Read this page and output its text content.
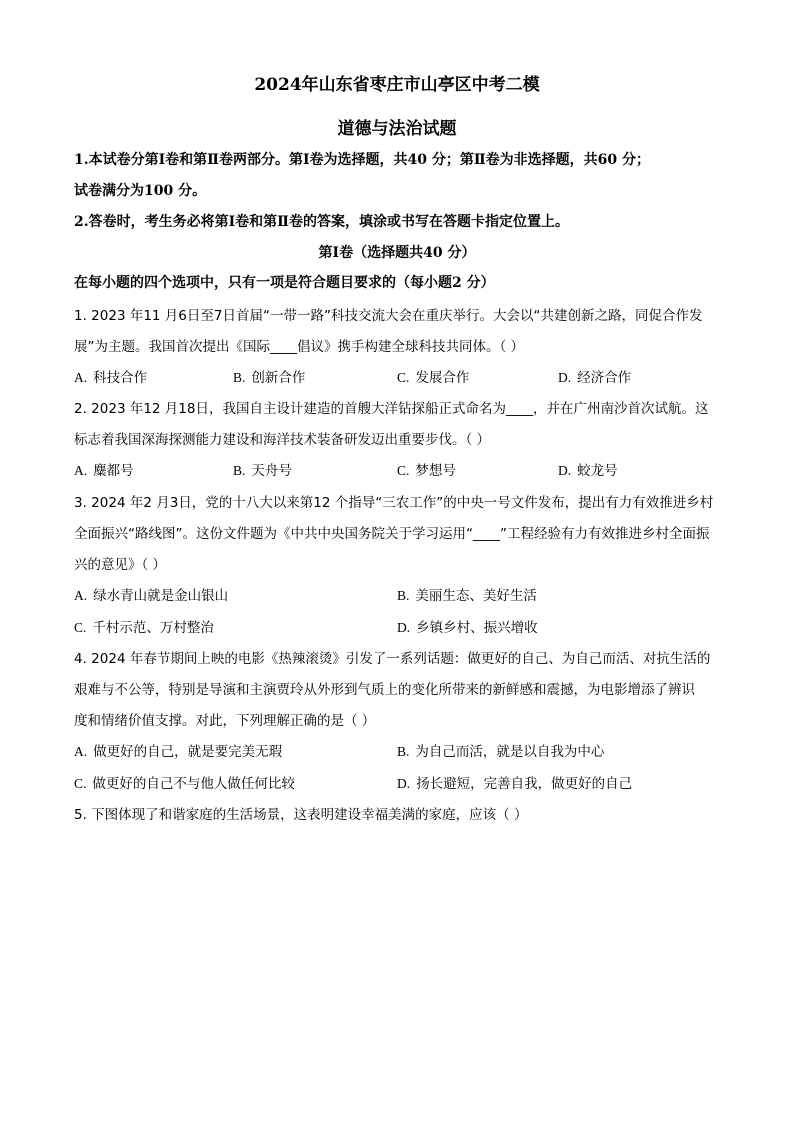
2024年山东省枣庄市山亭区中考二模
道德与法治试题
1.本试卷分第Ⅰ卷和第Ⅱ卷两部分。第Ⅰ卷为选择题，共40 分；第Ⅱ卷为非选择题，共60 分；
试卷满分为100 分。
2.答卷时，考生务必将第Ⅰ卷和第Ⅱ卷的答案，填涂或书写在答题卡指定位置上。
第Ⅰ卷（选择题共40 分）
在每小题的四个选项中，只有一项是符合题目要求的（每小题2 分）
1. 2023 年11 月6日至7日首届“一带一路”科技交流大会在重庆举行。大会以“共建创新之路，同促合作发
展”为主题。我国首次提出《国际____倡议》携手构建全球科技共同体。（ ）
A. 科技合作	B. 创新合作	C. 发展合作	D. 经济合作
2. 2023 年12 月18日，我国自主设计建造的首艘大洋钻探船正式命名为____，并在广州南沙首次试航。这
标志着我国深海探测能力建设和海洋技术装备研发迈出重要步伐。（ ）
A. 麋都号	B. 天舟号	C. 梦想号	D. 蛟龙号
3. 2024 年2 月3日，党的十八大以来第12 个指导“三农工作”的中央一号文件发布，提出有力有效推进乡村
全面振兴“路线图”。这份文件题为《中共中央国务院关于学习运用“____”工程经验有力有效推进乡村全面振
兴的意见》（ ）
A. 绿水青山就是金山银山	B. 美丽生态、美好生活
C. 千村示范、万村整治	D. 乡镇乡村、振兴增收
4. 2024 年春节期间上映的电影《热辣滚烫》引发了一系列话题：做更好的自己、为自己而活、对抗生活的
艰难与不公等，特别是导演和主演贾玲从外形到气质上的变化所带来的新鲜感和震撼，为电影增添了辨识
度和情绪价值支撑。对此，下列理解正确的是（ ）
A. 做更好的自己，就是要完美无瑕	B. 为自己而活，就是以自我为中心
C. 做更好的自己不与他人做任何比较	D. 扬长避短，完善自我，做更好的自己
5. 下图体现了和谐家庭的生活场景，这表明建设幸福美满的家庭，应该（ ）
